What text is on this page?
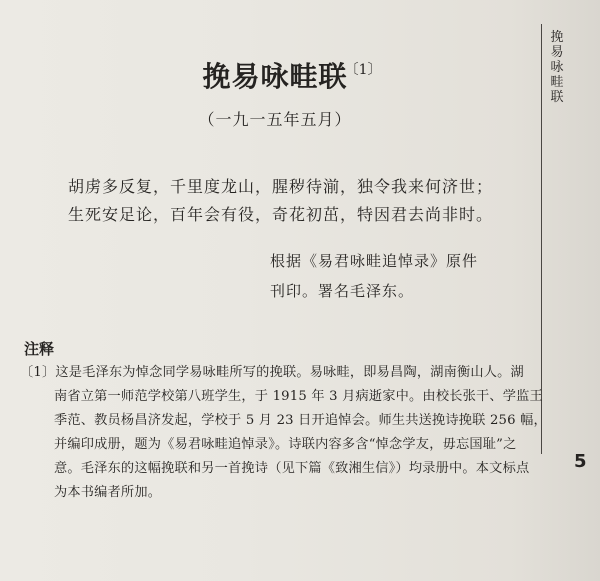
挽易咏畦联
5
挽易咏畦联
〔1〕
（一九一五年五月）
胡虏多反复，千里度龙山，腥秽待湔，独令我来何济世；
生死安足论，百年会有役，奇花初茁，特因君去尚非时。
根据《易君咏畦追悼录》原件
刊印。署名毛泽东。
注释
〔1〕这是毛泽东为悼念同学易咏畦所写的挽联。易咏畦，即易昌陶，湖南衡山人。湖
南省立第一师范学校第八班学生，于 1915 年 3 月病逝家中。由校长张干、学监王
季范、教员杨昌济发起，学校于 5 月 23 日开追悼会。师生共送挽诗挽联 256 幅，
并编印成册，题为《易君咏畦追悼录》。诗联内容多含“悼念学友，毋忘国耻”之
意。毛泽东的这幅挽联和另一首挽诗（见下篇《致湘生信》）均录册中。本文标点
为本书编者所加。
